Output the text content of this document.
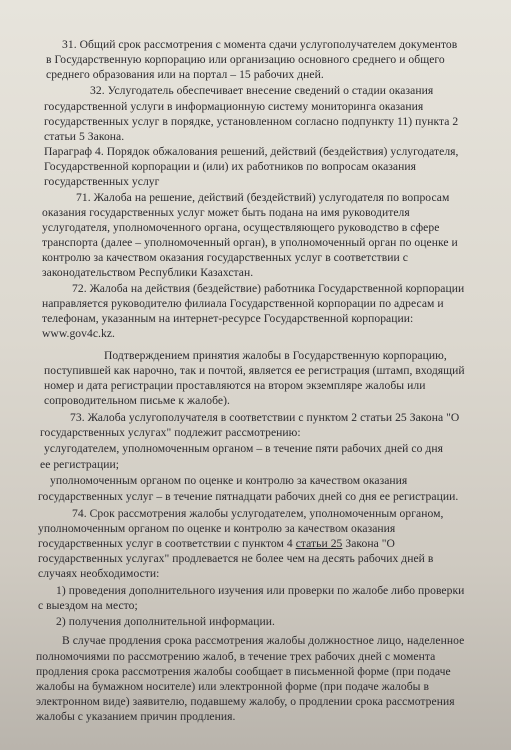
31. Общий срок рассмотрения с момента сдачи услугополучателем документов
в Государственную корпорацию или организацию основного среднего и общего
среднего образования или на портал – 15 рабочих дней.
32. Услугодатель обеспечивает внесение сведений о стадии оказания
государственной услуги в информационную систему мониторинга оказания
государственных услуг в порядке, установленном согласно подпункту 11) пункта 2
статьи 5 Закона.
Параграф 4. Порядок обжалования решений, действий (бездействия) услугодателя,
Государственной корпорации и (или) их работников по вопросам оказания
государственных услуг
71. Жалоба на решение, действий (бездействий) услугодателя по вопросам
оказания государственных услуг может быть подана на имя руководителя
услугодателя, уполномоченного органа, осуществляющего руководство в сфере
транспорта (далее – уполномоченный орган), в уполномоченный орган по оценке и
контролю за качеством оказания государственных услуг в соответствии с
законодательством Республики Казахстан.
72. Жалоба на действия (бездействие) работника Государственной корпорации
направляется руководителю филиала Государственной корпорации по адресам и
телефонам, указанным на интернет-ресурсе Государственной корпорации:
www.gov4c.kz.
Подтверждением принятия жалобы в Государственную корпорацию,
поступившей как нарочно, так и почтой, является ее регистрация (штамп, входящий
номер и дата регистрации проставляются на втором экземпляре жалобы или
сопроводительном письме к жалобе).
73. Жалоба услугополучателя в соответствии с пунктом 2 статьи 25 Закона "О
государственных услугах" подлежит рассмотрению:
услугодателем, уполномоченным органом – в течение пяти рабочих дней со дня
ее регистрации;
уполномоченным органом по оценке и контролю за качеством оказания
государственных услуг – в течение пятнадцати рабочих дней со дня ее регистрации.
74. Срок рассмотрения жалобы услугодателем, уполномоченным органом,
уполномоченным органом по оценке и контролю за качеством оказания
государственных услуг в соответствии с пунктом 4 статьи 25 Закона "О
государственных услугах" продлевается не более чем на десять рабочих дней в
случаях необходимости:
1) проведения дополнительного изучения или проверки по жалобе либо проверки
с выездом на место;
2) получения дополнительной информации.
В случае продления срока рассмотрения жалобы должностное лицо, наделенное
полномочиями по рассмотрению жалоб, в течение трех рабочих дней с момента
продления срока рассмотрения жалобы сообщает в письменной форме (при подаче
жалобы на бумажном носителе) или электронной форме (при подаче жалобы в
электронном виде) заявителю, подавшему жалобу, о продлении срока рассмотрения
жалобы с указанием причин продления.
